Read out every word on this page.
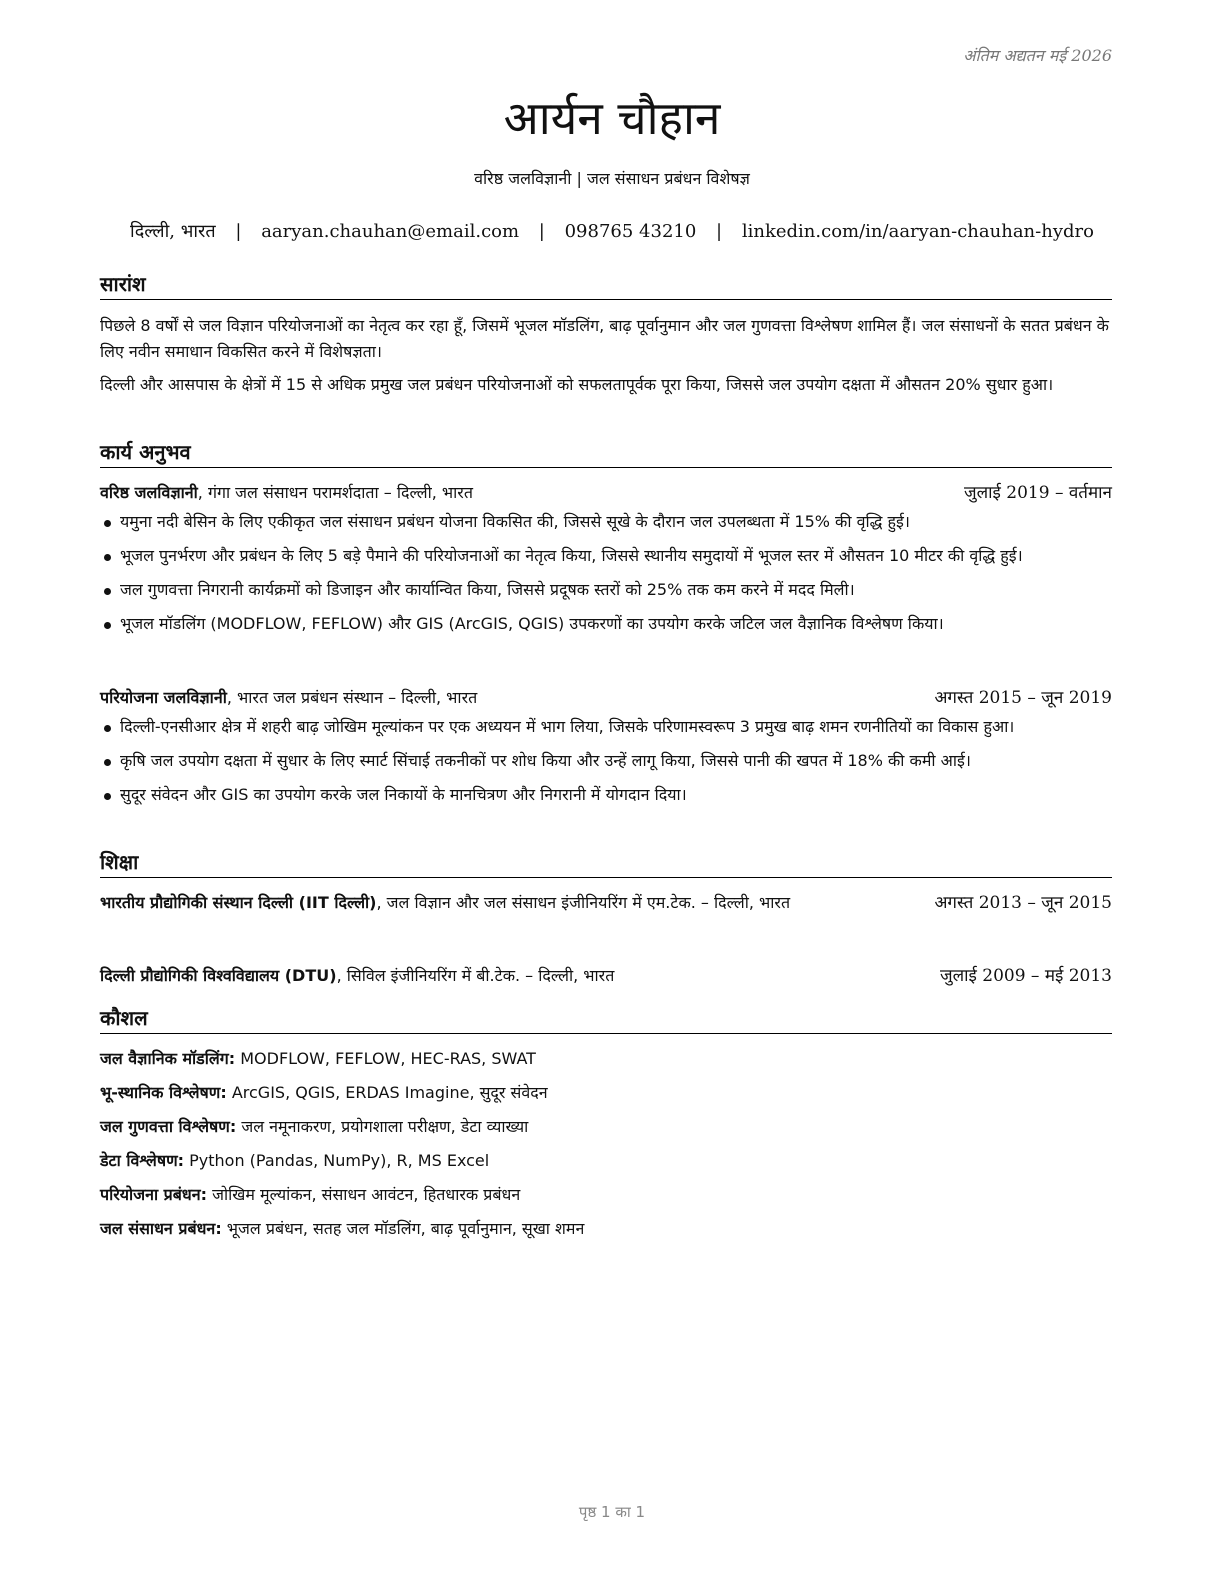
अंतिम अद्यतन मई 2026
आर्यन चौहान
वरिष्ठ जलविज्ञानी | जल संसाधन प्रबंधन विशेषज्ञ
दिल्ली, भारत | aaryan.chauhan@email.com | 098765 43210 | linkedin.com/in/aaryan-chauhan-hydro
सारांश
पिछले 8 वर्षों से जल विज्ञान परियोजनाओं का नेतृत्व कर रहा हूँ, जिसमें भूजल मॉडलिंग, बाढ़ पूर्वानुमान और जल गुणवत्ता विश्लेषण शामिल हैं। जल संसाधनों के सतत प्रबंधन के लिए नवीन समाधान विकसित करने में विशेषज्ञता।
दिल्ली और आसपास के क्षेत्रों में 15 से अधिक प्रमुख जल प्रबंधन परियोजनाओं को सफलतापूर्वक पूरा किया, जिससे जल उपयोग दक्षता में औसतन 20% सुधार हुआ।
कार्य अनुभव
वरिष्ठ जलविज्ञानी, गंगा जल संसाधन परामर्शदाता – दिल्ली, भारत	जुलाई 2019 – वर्तमान
यमुना नदी बेसिन के लिए एकीकृत जल संसाधन प्रबंधन योजना विकसित की, जिससे सूखे के दौरान जल उपलब्धता में 15% की वृद्धि हुई।
भूजल पुनर्भरण और प्रबंधन के लिए 5 बड़े पैमाने की परियोजनाओं का नेतृत्व किया, जिससे स्थानीय समुदायों में भूजल स्तर में औसतन 10 मीटर की वृद्धि हुई।
जल गुणवत्ता निगरानी कार्यक्रमों को डिजाइन और कार्यान्वित किया, जिससे प्रदूषक स्तरों को 25% तक कम करने में मदद मिली।
भूजल मॉडलिंग (MODFLOW, FEFLOW) और GIS (ArcGIS, QGIS) उपकरणों का उपयोग करके जटिल जल वैज्ञानिक विश्लेषण किया।
परियोजना जलविज्ञानी, भारत जल प्रबंधन संस्थान – दिल्ली, भारत	अगस्त 2015 – जून 2019
दिल्ली-एनसीआर क्षेत्र में शहरी बाढ़ जोखिम मूल्यांकन पर एक अध्ययन में भाग लिया, जिसके परिणामस्वरूप 3 प्रमुख बाढ़ शमन रणनीतियों का विकास हुआ।
कृषि जल उपयोग दक्षता में सुधार के लिए स्मार्ट सिंचाई तकनीकों पर शोध किया और उन्हें लागू किया, जिससे पानी की खपत में 18% की कमी आई।
सुदूर संवेदन और GIS का उपयोग करके जल निकायों के मानचित्रण और निगरानी में योगदान दिया।
शिक्षा
भारतीय प्रौद्योगिकी संस्थान दिल्ली (IIT दिल्ली), जल विज्ञान और जल संसाधन इंजीनियरिंग में एम.टेक. – दिल्ली, भारत	अगस्त 2013 – जून 2015
दिल्ली प्रौद्योगिकी विश्वविद्यालय (DTU), सिविल इंजीनियरिंग में बी.टेक. – दिल्ली, भारत	जुलाई 2009 – मई 2013
कौशल
जल वैज्ञानिक मॉडलिंग: MODFLOW, FEFLOW, HEC-RAS, SWAT
भू-स्थानिक विश्लेषण: ArcGIS, QGIS, ERDAS Imagine, सुदूर संवेदन
जल गुणवत्ता विश्लेषण: जल नमूनाकरण, प्रयोगशाला परीक्षण, डेटा व्याख्या
डेटा विश्लेषण: Python (Pandas, NumPy), R, MS Excel
परियोजना प्रबंधन: जोखिम मूल्यांकन, संसाधन आवंटन, हितधारक प्रबंधन
जल संसाधन प्रबंधन: भूजल प्रबंधन, सतह जल मॉडलिंग, बाढ़ पूर्वानुमान, सूखा शमन
पृष्ठ 1 का 1
